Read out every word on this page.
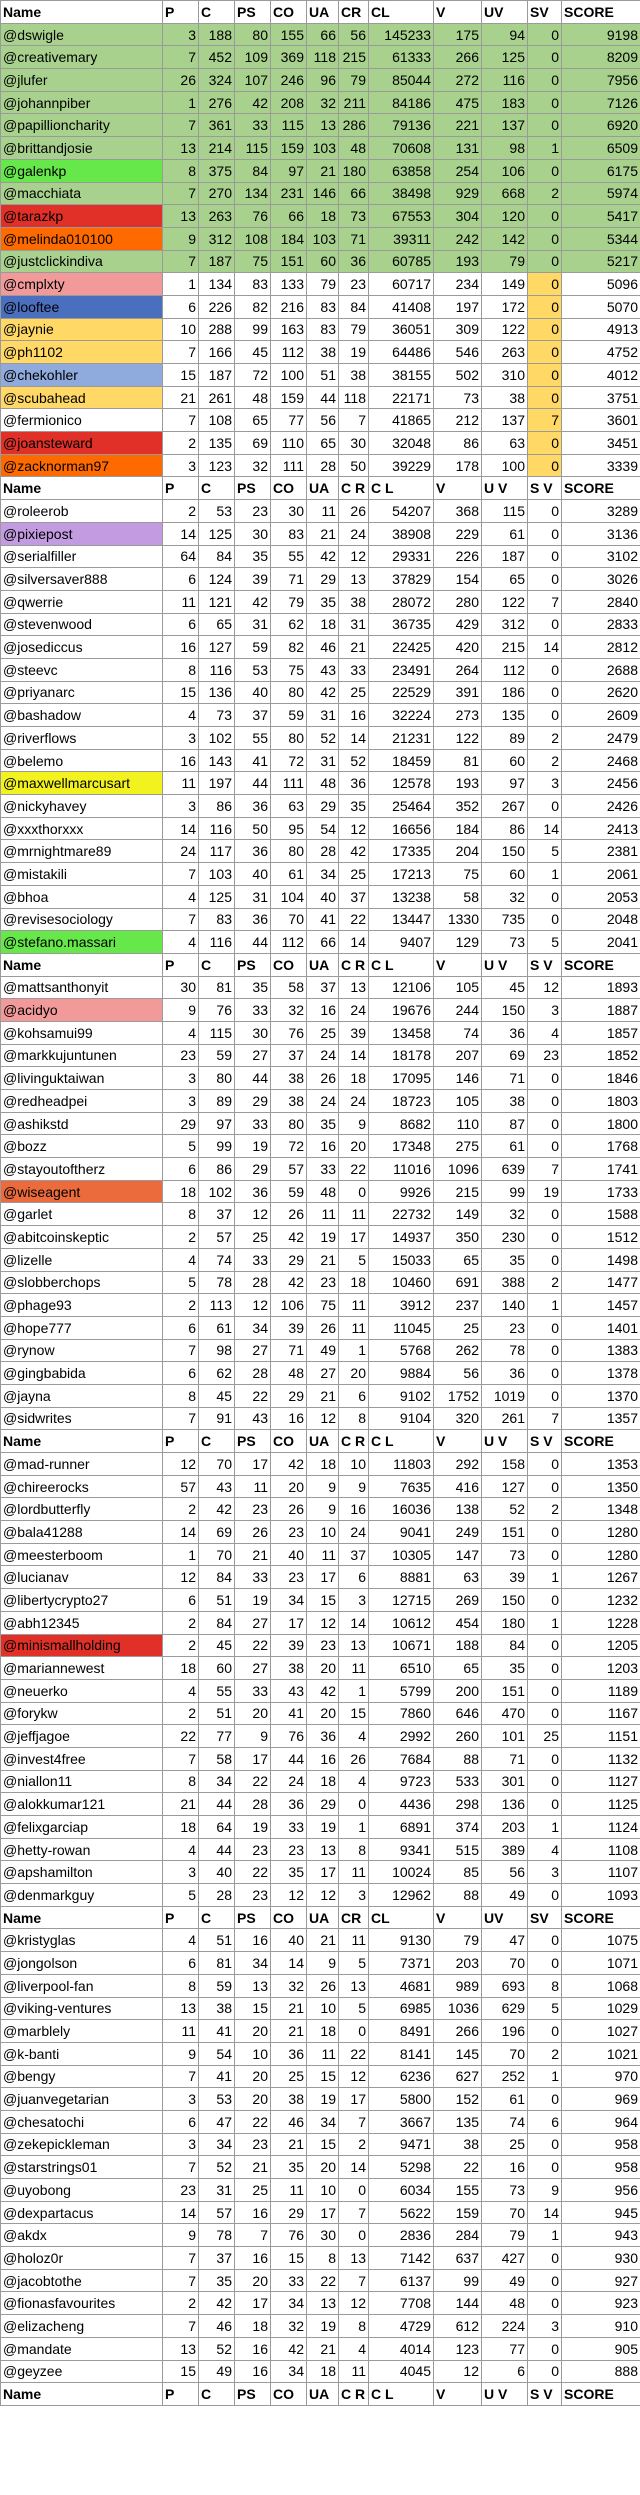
Name	P	C	PS	CO	UA	CR	CL	V	UV	SV	SCORE
@dswigle	3	188	80	155	66	56	145233	175	94	0	9198
@creativemary	7	452	109	369	118	215	61333	266	125	0	8209
@jlufer	26	324	107	246	96	79	85044	272	116	0	7956
@johannpiber	1	276	42	208	32	211	84186	475	183	0	7126
@papillioncharity	7	361	33	115	13	286	79136	221	137	0	6920
@brittandjosie	13	214	115	159	103	48	70608	131	98	1	6509
@galenkp	8	375	84	97	21	180	63858	254	106	0	6175
@macchiata	7	270	134	231	146	66	38498	929	668	2	5974
@tarazkp	13	263	76	66	18	73	67553	304	120	0	5417
@melinda010100	9	312	108	184	103	71	39311	242	142	0	5344
@justclickindiva	7	187	75	151	60	36	60785	193	79	0	5217
@cmplxty	1	134	83	133	79	23	60717	234	149	0	5096
@looftee	6	226	82	216	83	84	41408	197	172	0	5070
@jaynie	10	288	99	163	83	79	36051	309	122	0	4913
@ph1102	7	166	45	112	38	19	64486	546	263	0	4752
@chekohler	15	187	72	100	51	38	38155	502	310	0	4012
@scubahead	21	261	48	159	44	118	22171	73	38	0	3751
@fermionico	7	108	65	77	56	7	41865	212	137	7	3601
@joansteward	2	135	69	110	65	30	32048	86	63	0	3451
@zacknorman97	3	123	32	111	28	50	39229	178	100	0	3339
Name	P	C	PS	CO	UA	C R	C L	V	U V	S V	SCORE
@roleerob	2	53	23	30	11	26	54207	368	115	0	3289
@pixiepost	14	125	30	83	21	24	38908	229	61	0	3136
@serialfiller	64	84	35	55	42	12	29331	226	187	0	3102
@silversaver888	6	124	39	71	29	13	37829	154	65	0	3026
@qwerrie	11	121	42	79	35	38	28072	280	122	7	2840
@stevenwood	6	65	31	62	18	31	36735	429	312	0	2833
@josediccus	16	127	59	82	46	21	22425	420	215	14	2812
@steevc	8	116	53	75	43	33	23491	264	112	0	2688
@priyanarc	15	136	40	80	42	25	22529	391	186	0	2620
@bashadow	4	73	37	59	31	16	32224	273	135	0	2609
@riverflows	3	102	55	80	52	14	21231	122	89	2	2479
@belemo	16	143	41	72	31	52	18459	81	60	2	2468
@maxwellmarcusart	11	197	44	111	48	36	12578	193	97	3	2456
@nickyhavey	3	86	36	63	29	35	25464	352	267	0	2426
@xxxthorxxx	14	116	50	95	54	12	16656	184	86	14	2413
@mrnightmare89	24	117	36	80	28	42	17335	204	150	5	2381
@mistakili	7	103	40	61	34	25	17213	75	60	1	2061
@bhoa	4	125	31	104	40	37	13238	58	32	0	2053
@revisesociology	7	83	36	70	41	22	13447	1330	735	0	2048
@stefano.massari	4	116	44	112	66	14	9407	129	73	5	2041
Name	P	C	PS	CO	UA	C R	C L	V	U V	S V	SCORE
@mattsanthonyit	30	81	35	58	37	13	12106	105	45	12	1893
@acidyo	9	76	33	32	16	24	19676	244	150	3	1887
@kohsamui99	4	115	30	76	25	39	13458	74	36	4	1857
@markkujuntunen	23	59	27	37	24	14	18178	207	69	23	1852
@livinguktaiwan	3	80	44	38	26	18	17095	146	71	0	1846
@redheadpei	3	89	29	38	24	24	18723	105	38	0	1803
@ashikstd	29	97	33	80	35	9	8682	110	87	0	1800
@bozz	5	99	19	72	16	20	17348	275	61	0	1768
@stayoutoftherz	6	86	29	57	33	22	11016	1096	639	7	1741
@wiseagent	18	102	36	59	48	0	9926	215	99	19	1733
@garlet	8	37	12	26	11	11	22732	149	32	0	1588
@abitcoinskeptic	2	57	25	42	19	17	14937	350	230	0	1512
@lizelle	4	74	33	29	21	5	15033	65	35	0	1498
@slobberchops	5	78	28	42	23	18	10460	691	388	2	1477
@phage93	2	113	12	106	75	11	3912	237	140	1	1457
@hope777	6	61	34	39	26	11	11045	25	23	0	1401
@rynow	7	98	27	71	49	1	5768	262	78	0	1383
@gingbabida	6	62	28	48	27	20	9884	56	36	0	1378
@jayna	8	45	22	29	21	6	9102	1752	1019	0	1370
@sidwrites	7	91	43	16	12	8	9104	320	261	7	1357
Name	P	C	PS	CO	UA	C R	C L	V	U V	S V	SCORE
@mad-runner	12	70	17	42	18	10	11803	292	158	0	1353
@chireerocks	57	43	11	20	9	9	7635	416	127	0	1350
@lordbutterfly	2	42	23	26	9	16	16036	138	52	2	1348
@bala41288	14	69	26	23	10	24	9041	249	151	0	1280
@meesterboom	1	70	21	40	11	37	10305	147	73	0	1280
@lucianav	12	84	33	23	17	6	8881	63	39	1	1267
@libertycrypto27	6	51	19	34	15	3	12715	269	150	0	1232
@abh12345	2	84	27	17	12	14	10612	454	180	1	1228
@minismallholding	2	45	22	39	23	13	10671	188	84	0	1205
@mariannewest	18	60	27	38	20	11	6510	65	35	0	1203
@neuerko	4	55	33	43	42	1	5799	200	151	0	1189
@forykw	2	51	20	41	20	15	7860	646	470	0	1167
@jeffjagoe	22	77	9	76	36	4	2992	260	101	25	1151
@invest4free	7	58	17	44	16	26	7684	88	71	0	1132
@niallon11	8	34	22	24	18	4	9723	533	301	0	1127
@alokkumar121	21	44	28	36	29	0	4436	298	136	0	1125
@felixgarciap	18	64	19	33	19	1	6891	374	203	1	1124
@hetty-rowan	4	44	23	23	13	8	9341	515	389	4	1108
@apshamilton	3	40	22	35	17	11	10024	85	56	3	1107
@denmarkguy	5	28	23	12	12	3	12962	88	49	0	1093
Name	P	C	PS	CO	UA	CR	CL	V	UV	SV	SCORE
@kristyglas	4	51	16	40	21	11	9130	79	47	0	1075
@jongolson	6	81	34	14	9	5	7371	203	70	0	1071
@liverpool-fan	8	59	13	32	26	13	4681	989	693	8	1068
@viking-ventures	13	38	15	21	10	5	6985	1036	629	5	1029
@marblely	11	41	20	21	18	0	8491	266	196	0	1027
@k-banti	9	54	10	36	11	22	8141	145	70	2	1021
@bengy	7	41	20	25	15	12	6236	627	252	1	970
@juanvegetarian	3	53	20	38	19	17	5800	152	61	0	969
@chesatochi	6	47	22	46	34	7	3667	135	74	6	964
@zekepickleman	3	34	23	21	15	2	9471	38	25	0	958
@starstrings01	7	52	21	35	20	14	5298	22	16	0	958
@uyobong	23	31	25	11	10	0	6034	155	73	9	956
@dexpartacus	14	57	16	29	17	7	5622	159	70	14	945
@akdx	9	78	7	76	30	0	2836	284	79	1	943
@holoz0r	7	37	16	15	8	13	7142	637	427	0	930
@jacobtothe	7	35	20	33	22	7	6137	99	49	0	927
@fionasfavourites	2	42	17	34	13	12	7708	144	48	0	923
@elizacheng	7	46	18	32	19	8	4729	612	224	3	910
@mandate	13	52	16	42	21	4	4014	123	77	0	905
@geyzee	15	49	16	34	18	11	4045	12	6	0	888
Name	P	C	PS	CO	UA	C R	C L	V	U V	S V	SCORE
